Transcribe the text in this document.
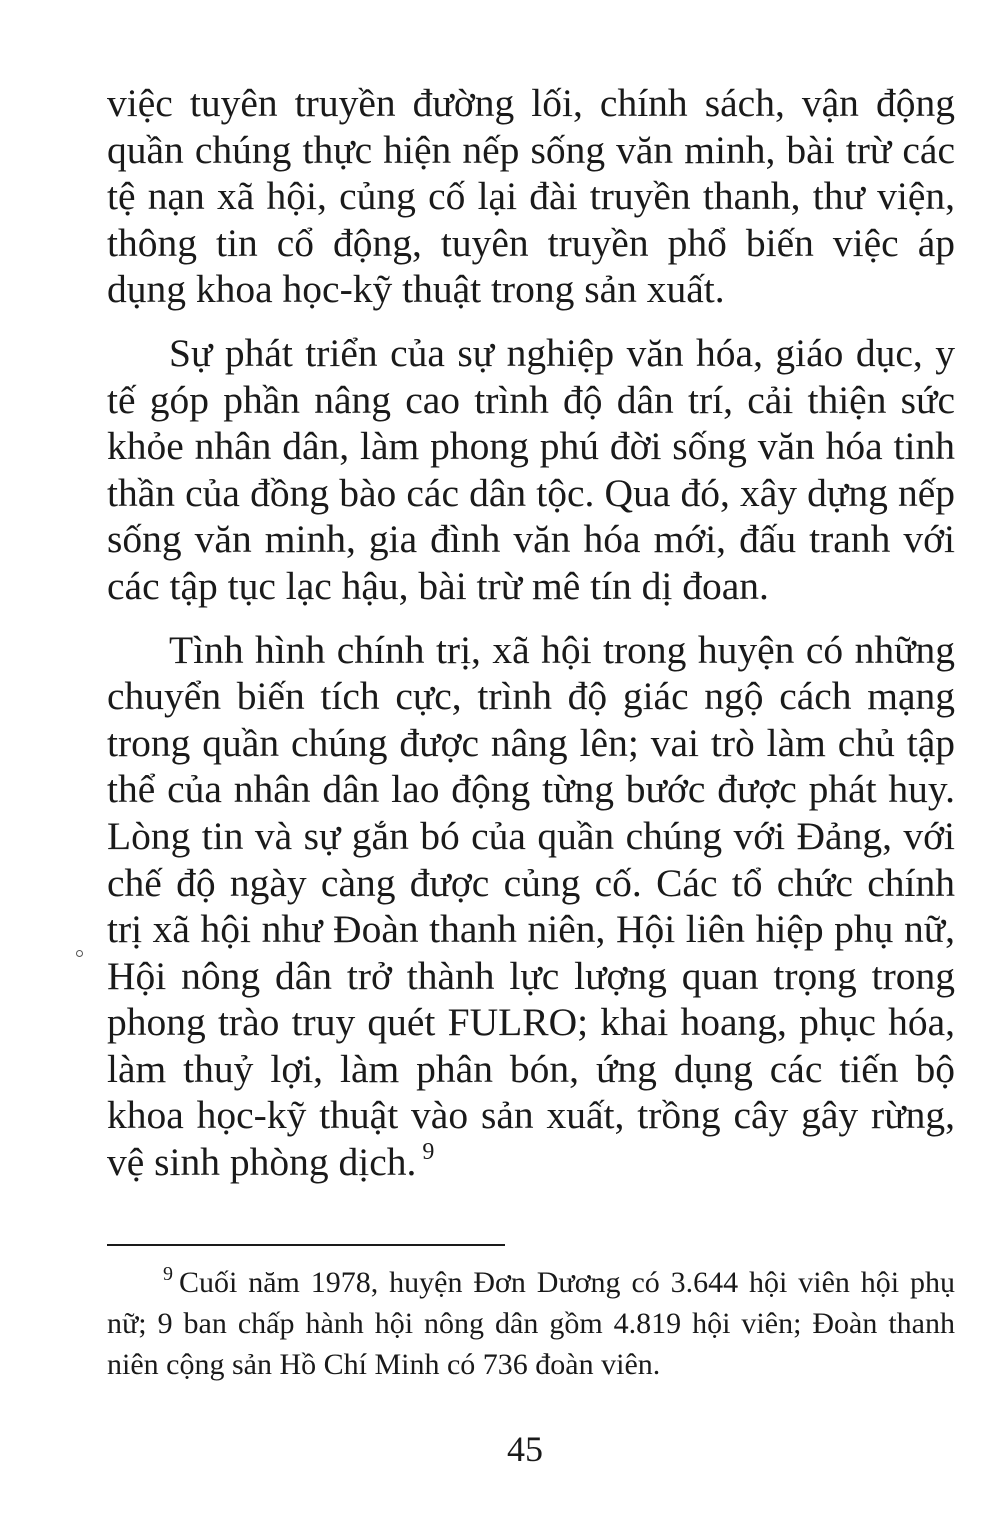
việc tuyên truyền đường lối, chính sách, vận động quần chúng thực hiện nếp sống văn minh, bài trừ các tệ nạn xã hội, củng cố lại đài truyền thanh, thư viện, thông tin cổ động, tuyên truyền phổ biến việc áp dụng khoa học-kỹ thuật trong sản xuất.

Sự phát triển của sự nghiệp văn hóa, giáo dục, y tế góp phần nâng cao trình độ dân trí, cải thiện sức khỏe nhân dân, làm phong phú đời sống văn hóa tinh thần của đồng bào các dân tộc. Qua đó, xây dựng nếp sống văn minh, gia đình văn hóa mới, đấu tranh với các tập tục lạc hậu, bài trừ mê tín dị đoan.

Tình hình chính trị, xã hội trong huyện có những chuyển biến tích cực, trình độ giác ngộ cách mạng trong quần chúng được nâng lên; vai trò làm chủ tập thể của nhân dân lao động từng bước được phát huy. Lòng tin và sự gắn bó của quần chúng với Đảng, với chế độ ngày càng được củng cố. Các tổ chức chính trị xã hội như Đoàn thanh niên, Hội liên hiệp phụ nữ, Hội nông dân trở thành lực lượng quan trọng trong phong trào truy quét FULRO; khai hoang, phục hóa, làm thuỷ lợi, làm phân bón, ứng dụng các tiến bộ khoa học-kỹ thuật vào sản xuất, trồng cây gây rừng, vệ sinh phòng dịch. $^9$

$^9$ Cuối năm 1978, huyện Đơn Dương có 3.644 hội viên hội phụ nữ; 9 ban chấp hành hội nông dân gồm 4.819 hội viên; Đoàn thanh niên cộng sản Hồ Chí Minh có 736 đoàn viên.

45
